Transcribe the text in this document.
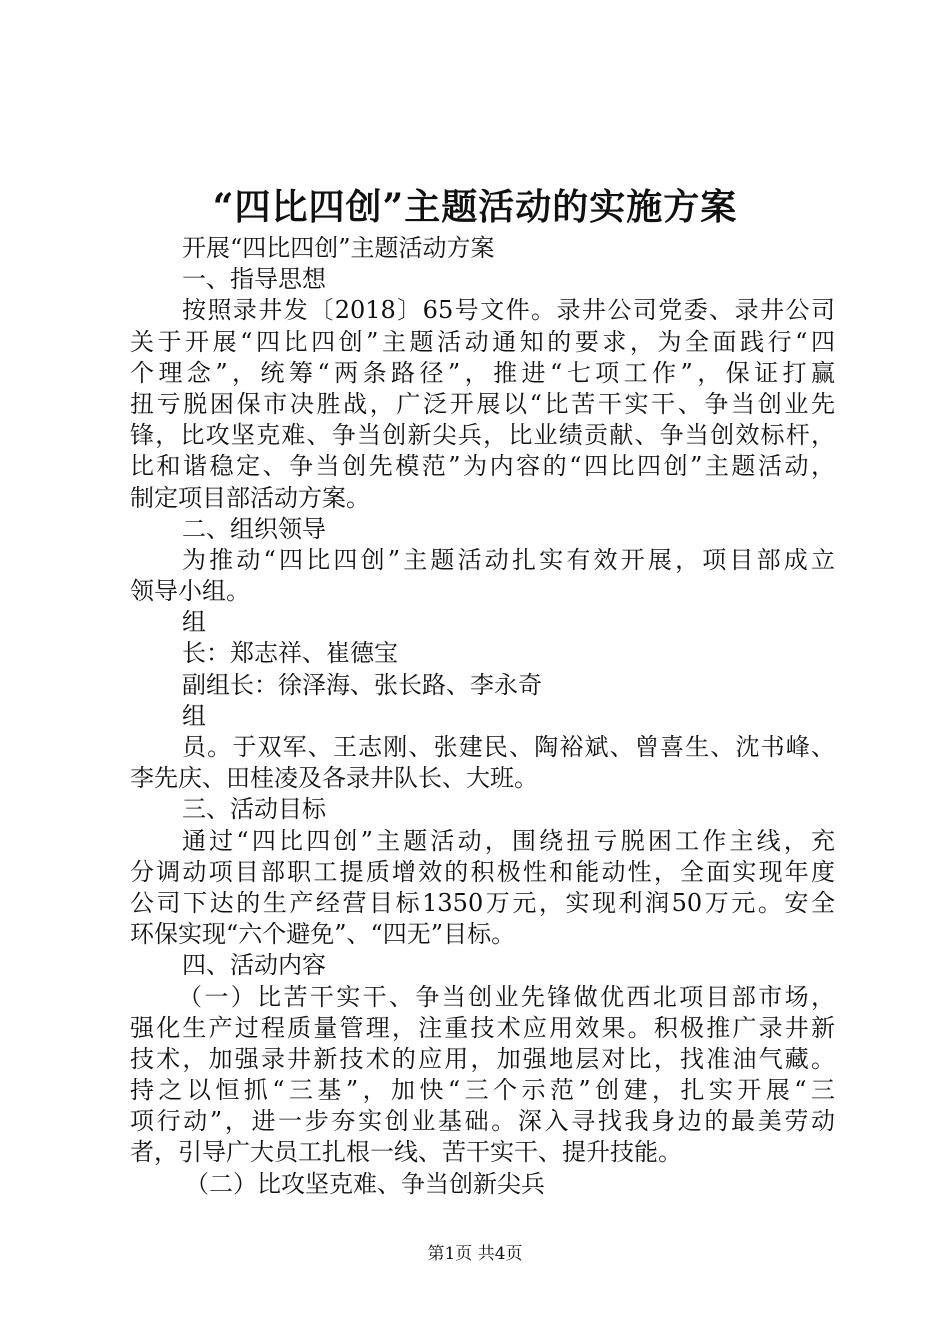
“四比四创”主题活动的实施方案
开展“四比四创”主题活动方案
一、指导思想
按照录井发〔2018〕65号文件。录井公司党委、录井公司
关于开展“四比四创”主题活动通知的要求，为全面践行“四
个理念”，统筹“两条路径”，推进“七项工作”，保证打赢
扭亏脱困保市决胜战，广泛开展以“比苦干实干、争当创业先
锋，比攻坚克难、争当创新尖兵，比业绩贡献、争当创效标杆，
比和谐稳定、争当创先模范”为内容的“四比四创”主题活动，
制定项目部活动方案。
二、组织领导
为推动“四比四创”主题活动扎实有效开展，项目部成立
领导小组。
组
长：郑志祥、崔德宝
副组长：徐泽海、张长路、李永奇
组
员。于双军、王志刚、张建民、陶裕斌、曾喜生、沈书峰、
李先庆、田桂凌及各录井队长、大班。
三、活动目标
通过“四比四创”主题活动，围绕扭亏脱困工作主线，充
分调动项目部职工提质增效的积极性和能动性，全面实现年度
公司下达的生产经营目标1350万元，实现利润50万元。安全
环保实现“六个避免”、“四无”目标。
四、活动内容
（一）比苦干实干、争当创业先锋做优西北项目部市场，
强化生产过程质量管理，注重技术应用效果。积极推广录井新
技术，加强录井新技术的应用，加强地层对比，找准油气藏。
持之以恒抓“三基”，加快“三个示范”创建，扎实开展“三
项行动”，进一步夯实创业基础。深入寻找我身边的最美劳动
者，引导广大员工扎根一线、苦干实干、提升技能。
（二）比攻坚克难、争当创新尖兵
第1页 共4页
